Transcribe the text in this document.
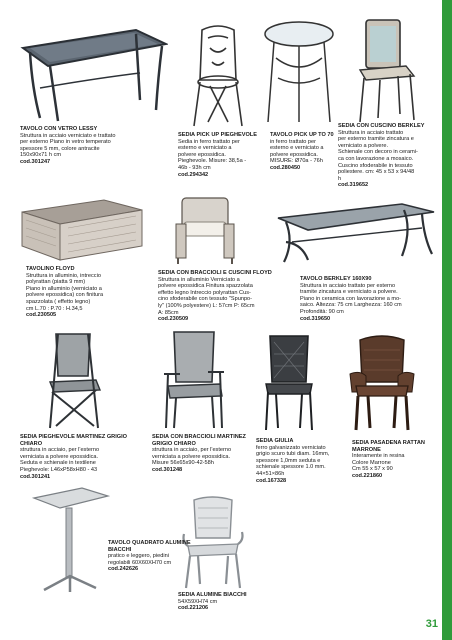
TAVOLO CON VETRO LESSY
Struttura in acciaio verniciato e trattato
per esterno Piano in vetro temperato
spessore 5 mm, colore antracite
150x90x71 h cm
cod.301247
SEDIA PICK UP PIEGHEVOLE
Sedia in ferro trattato per
esterno e verniciato a
polvere epossidica.
Pieghevole. Misure: 38,5a -
46b - 93h cm
cod.294342
TAVOLO PICK UP TO 70
in ferro trattato per
esterno e verniciato a
polvere epossidica.
MISURE: Ø70a - 76h
cod.280450
SEDIA CON CUSCINO BERKLEY
Struttura in acciaio trattato
per esterno tramite zincatura e
verniciato a polvere.
Schienale con decoro in cerami-
ca con lavorazione a mosaico.
Cuscino sfoderabile in tessuto
poliestere. cm: 45 x 53 x 94/48
h
cod.319652
TAVOLINO FLOYD
Struttura in alluminio, intreccio
polyrattan (piatta 9 mm)
Piano in alluminio (verniciato a
polvere epossidica) con finitura
spazzolata ( effetto legno)
cm L.70 : P.70 : H.34,5
cod.230505
SEDIA CON BRACCIOLI E CUSCINI FLOYD
Struttura in alluminio Verniciato a
polvere epossidica Finitura spazzolata
effetto legno Intreccio polyrattan Cus-
cino sfoderabile con tessuto "Spunpo-
ly" (100% polyestere) L: 57cm P: 65cm
A: 85cm
cod.230509
TAVOLO BERKLEY 160X90
Struttura in acciaio trattato per esterno
tramite zincatura e verniciato a polvere.
Piano in ceramica con lavorazione a mo-
saico. Altezza: 75 cm Larghezza: 160 cm
Profondità: 90 cm
cod.319650
SEDIA PIEGHEVOLE MARTINEZ GRIGIO CHIARO
struttura in acciaio, per l'esterno
verniciata a polvere epossidica.
Seduta e schienale in textilene
Pieghevole: L46xP58xH80 - 43
cod.301241
SEDIA CON BRACCIOLI MARTINEZ GRIGIO CHIARO
struttura in acciaio, per l'esterno
verniciata a polvere epossidica.
Misure 56x65x90-42-58h
cod.301248
SEDIA GIULIA
ferro galvanizzato verniciato
grigio scuro tubi diam. 16mm,
spessore 1,0mm seduta e
schienale spessore 1.0 mm.
44×51×86h
cod.167328
SEDIA PASADENA RATTAN MARRONE
Interamente in resina
Colore Marrone
Cm 55 x 57 x 90
cod.221860
TAVOLO QUADRATO ALUMINE BIACCHI
pratico e leggero, piedini
regolabili 60X60XH70 cm
cod.242626
SEDIA ALUMINE BIACCHI
54X59XH74 cm
cod.221206
31
